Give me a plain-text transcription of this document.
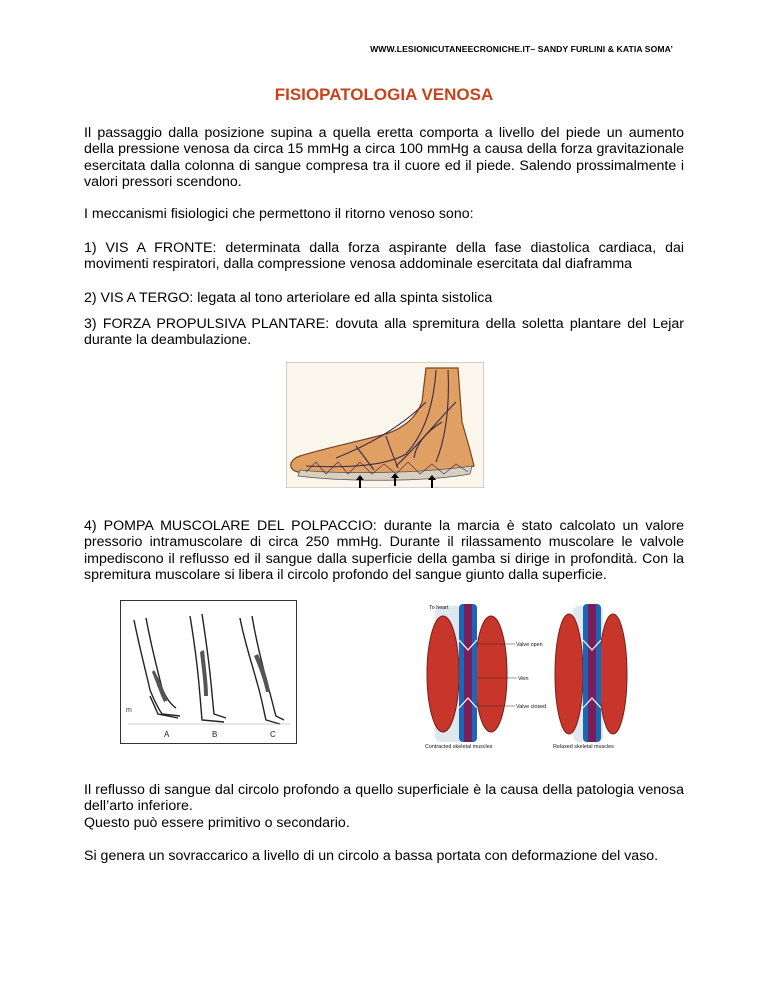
WWW.LESIONICUTANEECRONICHE.IT– SANDY FURLINI & KATIA SOMA’
FISIOPATOLOGIA VENOSA
Il passaggio dalla posizione supina a quella eretta comporta a livello del piede un aumento della pressione venosa da circa 15 mmHg a circa 100 mmHg a causa della forza gravitazionale esercitata dalla colonna di sangue compresa tra il cuore ed il piede. Salendo prossimalmente i valori pressori scendono.
I meccanismi fisiologici che permettono il ritorno venoso sono:
1) VIS A FRONTE: determinata dalla forza aspirante della fase diastolica cardiaca, dai movimenti respiratori, dalla compressione venosa addominale esercitata dal diaframma
2) VIS A TERGO: legata al tono arteriolare ed alla spinta sistolica
3) FORZA PROPULSIVA PLANTARE: dovuta alla spremitura della soletta plantare del Lejar durante la deambulazione.
4) POMPA MUSCOLARE DEL POLPACCIO: durante la marcia è stato calcolato un valore pressorio intramuscolare di circa 250 mmHg. Durante il rilassamento muscolare le valvole impediscono il reflusso ed il sangue dalla superficie della gamba si dirige in profondità. Con la spremitura muscolare si libera il circolo profondo del sangue giunto dalla superficie.
m
A	B	C
To heart
Valve open
Vein
Valve closed
Contracted skeletal muscles	Relaxed skeletal muscles
Il reflusso di sangue dal circolo profondo a quello superficiale è la causa della patologia venosa dell’arto inferiore.
Questo può essere primitivo o secondario.
Si genera un sovraccarico a livello di un circolo a bassa portata con deformazione del vaso.
